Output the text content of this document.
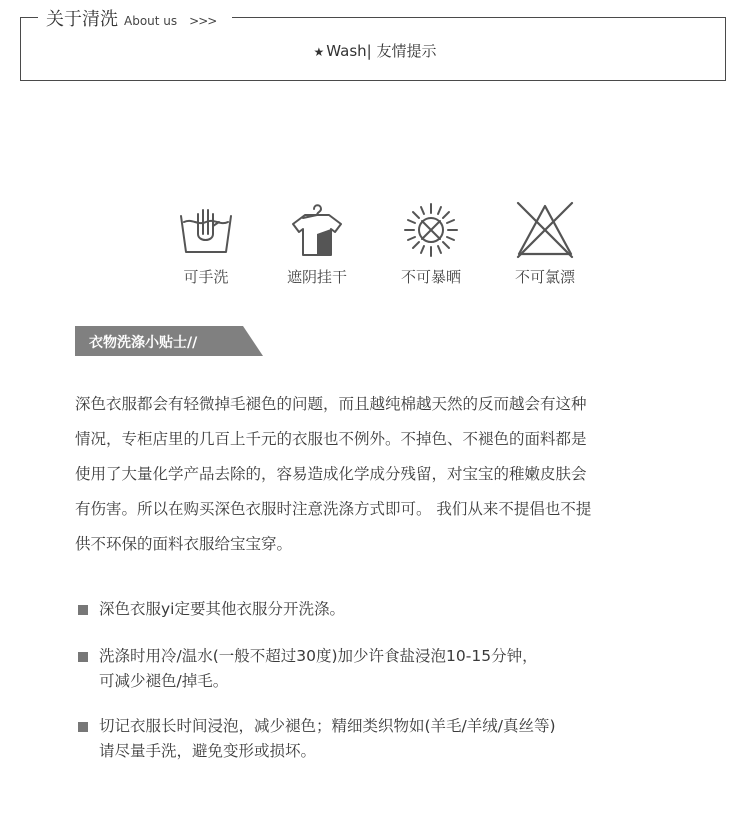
关于清洗 About us >>>
★ Wash| 友情提示
可手洗	遮阴挂干	不可暴晒	不可氯漂
衣物洗涤小贴士//
深色衣服都会有轻微掉毛褪色的问题，而且越纯棉越天然的反而越会有这种
情况，专柜店里的几百上千元的衣服也不例外。不掉色、不褪色的面料都是
使用了大量化学产品去除的，容易造成化学成分残留，对宝宝的稚嫩皮肤会
有伤害。所以在购买深色衣服时注意洗涤方式即可。 我们从来不提倡也不提
供不环保的面料衣服给宝宝穿。
深色衣服yi定要其他衣服分开洗涤。
洗涤时用冷/温水(一般不超过30度)加少许食盐浸泡10-15分钟，
可减少褪色/掉毛。
切记衣服长时间浸泡，减少褪色；精细类织物如(羊毛/羊绒/真丝等)
请尽量手洗，避免变形或损坏。
